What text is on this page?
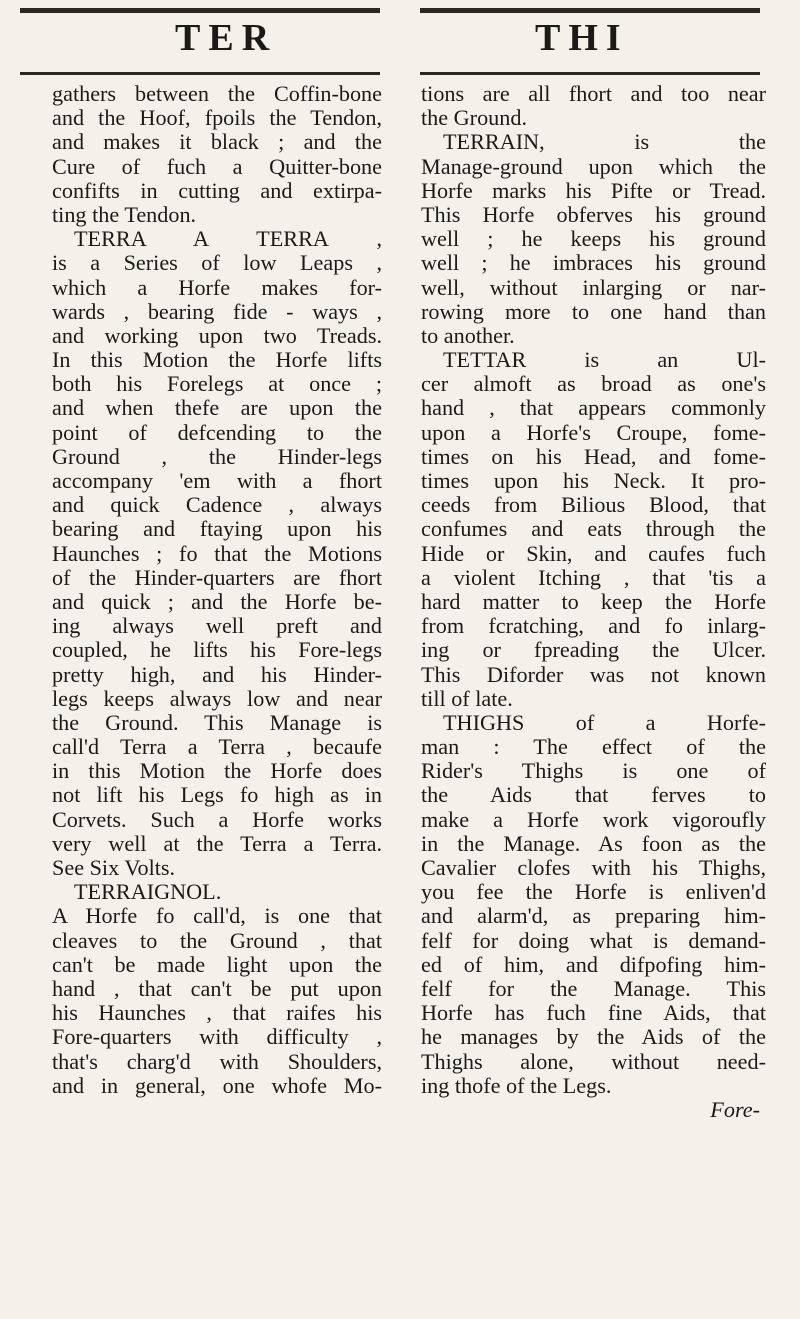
TER	THI
gathers between the Coffin-bone
and the Hoof, fpoils the Tendon,
and makes it black ; and the
Cure of fuch a Quitter-bone
confifts in cutting and extirpa-
ting the Tendon.
TERRA A TERRA ,
is a Series of low Leaps ,
which a Horfe makes for-
wards , bearing fide - ways ,
and working upon two Treads.
In this Motion the Horfe lifts
both his Forelegs at once ;
and when thefe are upon the
point of defcending to the
Ground , the Hinder-legs
accompany 'em with a fhort
and quick Cadence , always
bearing and ftaying upon his
Haunches ; fo that the Motions
of the Hinder-quarters are fhort
and quick ; and the Horfe be-
ing always well preft and
coupled, he lifts his Fore-legs
pretty high, and his Hinder-
legs keeps always low and near
the Ground. This Manage is
call'd Terra a Terra , becaufe
in this Motion the Horfe does
not lift his Legs fo high as in
Corvets. Such a Horfe works
very well at the Terra a Terra.
See Six Volts.
TERRAIGNOL.
A Horfe fo call'd, is one that
cleaves to the Ground , that
can't be made light upon the
hand , that can't be put upon
his Haunches , that raifes his
Fore-quarters with difficulty ,
that's charg'd with Shoulders,
and in general, one whofe Mo-
tions are all fhort and too near
the Ground.
TERRAIN, is the
Manage-ground upon which the
Horfe marks his Pifte or Tread.
This Horfe obferves his ground
well ; he keeps his ground
well ; he imbraces his ground
well, without inlarging or nar-
rowing more to one hand than
to another.
TETTAR is an Ul-
cer almoft as broad as one's
hand , that appears commonly
upon a Horfe's Croupe, fome-
times on his Head, and fome-
times upon his Neck. It pro-
ceeds from Bilious Blood, that
confumes and eats through the
Hide or Skin, and caufes fuch
a violent Itching , that 'tis a
hard matter to keep the Horfe
from fcratching, and fo inlarg-
ing or fpreading the Ulcer.
This Diforder was not known
till of late.
THIGHS of a Horfe-
man : The effect of the
Rider's Thighs is one of
the Aids that ferves to
make a Horfe work vigoroufly
in the Manage. As foon as the
Cavalier clofes with his Thighs,
you fee the Horfe is enliven'd
and alarm'd, as preparing him-
felf for doing what is demand-
ed of him, and difpofing him-
felf for the Manage. This
Horfe has fuch fine Aids, that
he manages by the Aids of the
Thighs alone, without need-
ing thofe of the Legs.
Fore-
